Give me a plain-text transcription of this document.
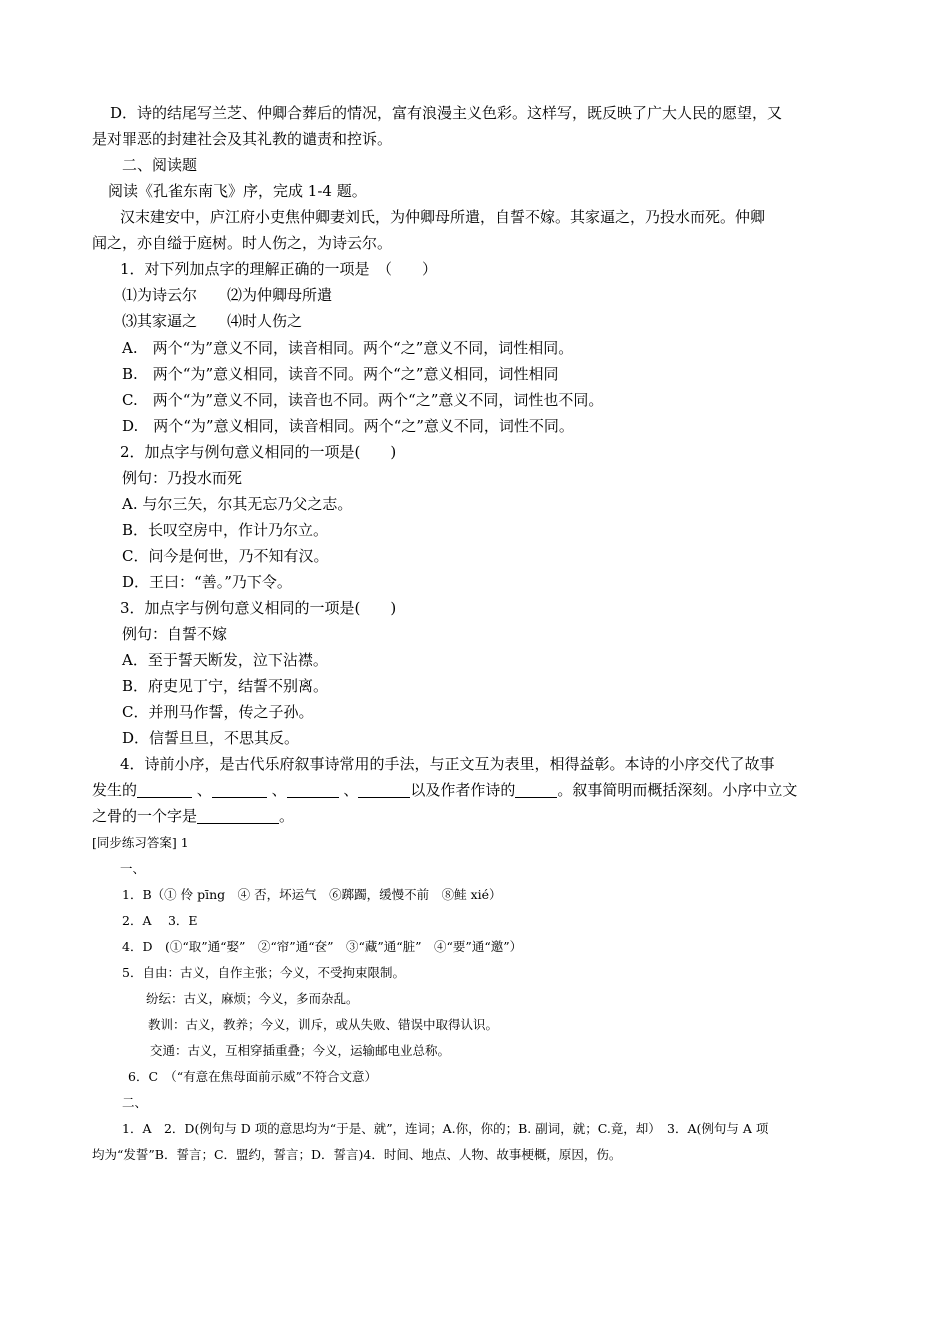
D．诗的结尾写兰芝、仲卿合葬后的情况，富有浪漫主义色彩。这样写，既反映了广大人民的愿望，又
是对罪恶的封建社会及其礼教的谴责和控诉。
二、阅读题
阅读《孔雀东南飞》序，完成 1-4 题。
汉末建安中，庐江府小吏焦仲卿妻刘氏，为仲卿母所遣，自誓不嫁。其家逼之，乃投水而死。仲卿
闻之，亦自缢于庭树。时人伤之，为诗云尔。
1．对下列加点字的理解正确的一项是　（　　）
⑴为诗云尔　　⑵为仲卿母所遣
⑶其家逼之　　⑷时人伤之
A.　两个“为”意义不同，读音相同。两个“之”意义不同，词性相同。
B.　两个“为”意义相同，读音不同。两个“之”意义相同，词性相同
C.　两个“为”意义不同，读音也不同。两个“之”意义不同，词性也不同。
D.　两个“为”意义相同，读音相同。两个“之”意义不同，词性不同。
2．加点字与例句意义相同的一项是(　　)
例句：乃投水而死
A. 与尔三矢，尔其无忘乃父之志。
B．长叹空房中，作计乃尔立。
C．问今是何世，乃不知有汉。
D．王曰：“善。”乃下令。
3．加点字与例句意义相同的一项是(　　)
例句：自誓不嫁
A．至于誓天断发，泣下沾襟。
B．府吏见丁宁，结誓不别离。
C．并刑马作誓，传之子孙。
D．信誓旦旦，不思其反。
4．诗前小序，是古代乐府叙事诗常用的手法，与正文互为表里，相得益彰。本诗的小序交代了故事
发生的	、	、	、	以及作者作诗的	。叙事简明而概括深刻。小序中立文
之骨的一个字是	。
[同步练习答案] 1
一、
1．B（① 伶 pīng　④ 否，坏运气　⑥踯躅，缓慢不前　⑧鲑 xié）
2．A　 3．E
4．D　(①“取”通“娶”　②“帘”通“奁”　③“藏”通“脏”　④“要”通“邀”）
5．自由：古义，自作主张；今义，不受拘束限制。
纷纭：古义，麻烦；今义，多而杂乱。
教训：古义，教养；今义，训斥，或从失败、错误中取得认识。
交通：古义，互相穿插重叠；今义，运输邮电业总称。
6．C　（“有意在焦母面前示威”不符合文意）
二、
1．A　2．D(例句与 D 项的意思均为“于是、就”，连词；A.你，你的；B. 副词，就；C.竟，却）　3．A(例句与 A 项
均为“发誓”B．誓言；C．盟约，誓言；D．誓言)4．时间、地点、人物、故事梗概，原因，伤。
